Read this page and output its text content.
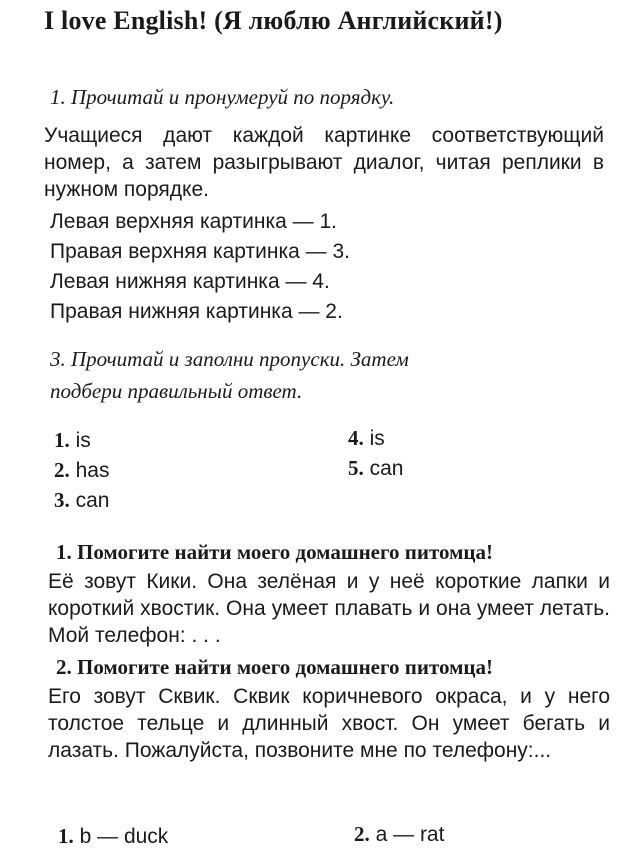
I love English! (Я люблю Английский!)
1. Прочитай и пронумеруй по порядку.
Учащиеся дают каждой картинке соответствующий номер, а затем разыгрывают диалог, читая реплики в нужном порядке.
Левая верхняя картинка — 1.
Правая верхняя картинка — 3.
Левая нижняя картинка — 4.
Правая нижняя картинка — 2.
3. Прочитай и заполни пропуски. Затем
подбери правильный ответ.
1. is
2. has
3. can
4. is
5. can
1. Помогите найти моего домашнего питомца!
Её зовут Кики. Она зелёная и у неё короткие лапки и короткий хвостик. Она умеет плавать и она умеет летать. Мой телефон: . . .
2. Помогите найти моего домашнего питомца!
Его зовут Сквик. Сквик коричневого окраса, и у него толстое тельце и длинный хвост. Он умеет бегать и лазать. Пожалуйста, позвоните мне по телефону:...
1. b — duck	2. a — rat
